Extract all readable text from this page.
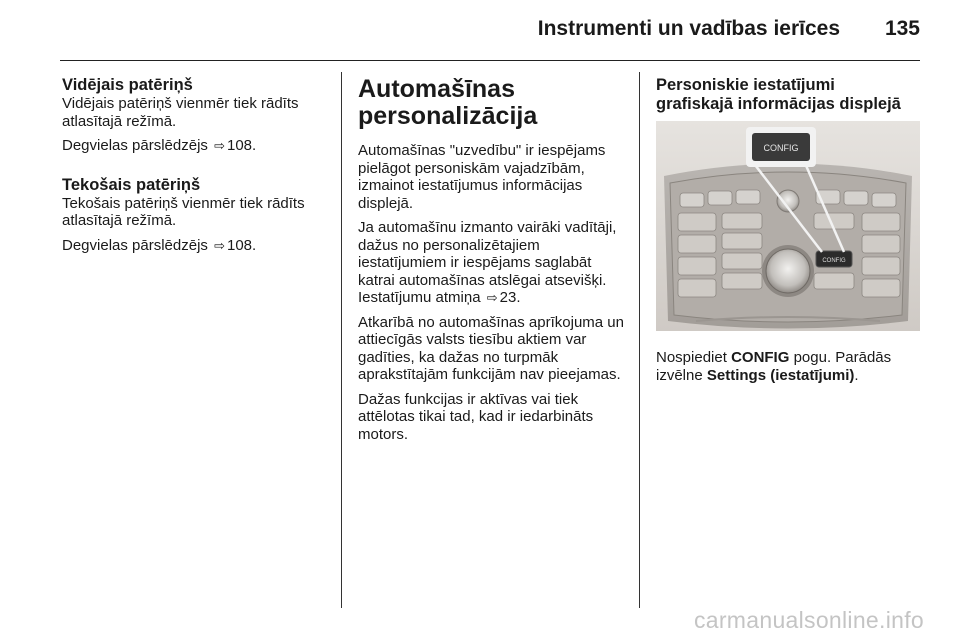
Instrumenti un vadības ierīces 135
Vidējais patēriņš

Vidējais patēriņš vienmēr tiek rādīts atlasītajā režīmā.

Degvielas pārslēdzējs ⇨ 108.

Tekošais patēriņš

Tekošais patēriņš vienmēr tiek rādīts atlasītajā režīmā.

Degvielas pārslēdzējs ⇨ 108.

Automašīnas
personalizācija

Automašīnas "uzvedību" ir iespējams pielāgot personiskām vajadzībām, izmainot iestatījumus informācijas displejā.

Ja automašīnu izmanto vairāki vadītāji, dažus no personalizētajiem iestatījumiem ir iespējams saglabāt katrai automašīnas atslēgai atsevišķi. Iestatījumu atmiņa ⇨ 23.

Atkarībā no automašīnas aprīkojuma un attiecīgās valsts tiesību aktiem var gadīties, ka dažas no turpmāk aprakstītajām funkcijām nav pieejamas.

Dažas funkcijas ir aktīvas vai tiek attēlotas tikai tad, kad ir iedarbināts motors.

Personiskie iestatījumi
grafiskajā informācijas displejā
CONFIG
CONFIG

Nospiediet CONFIG pogu. Parādās izvēlne Settings (iestatījumi).

carmanualsonline.info
